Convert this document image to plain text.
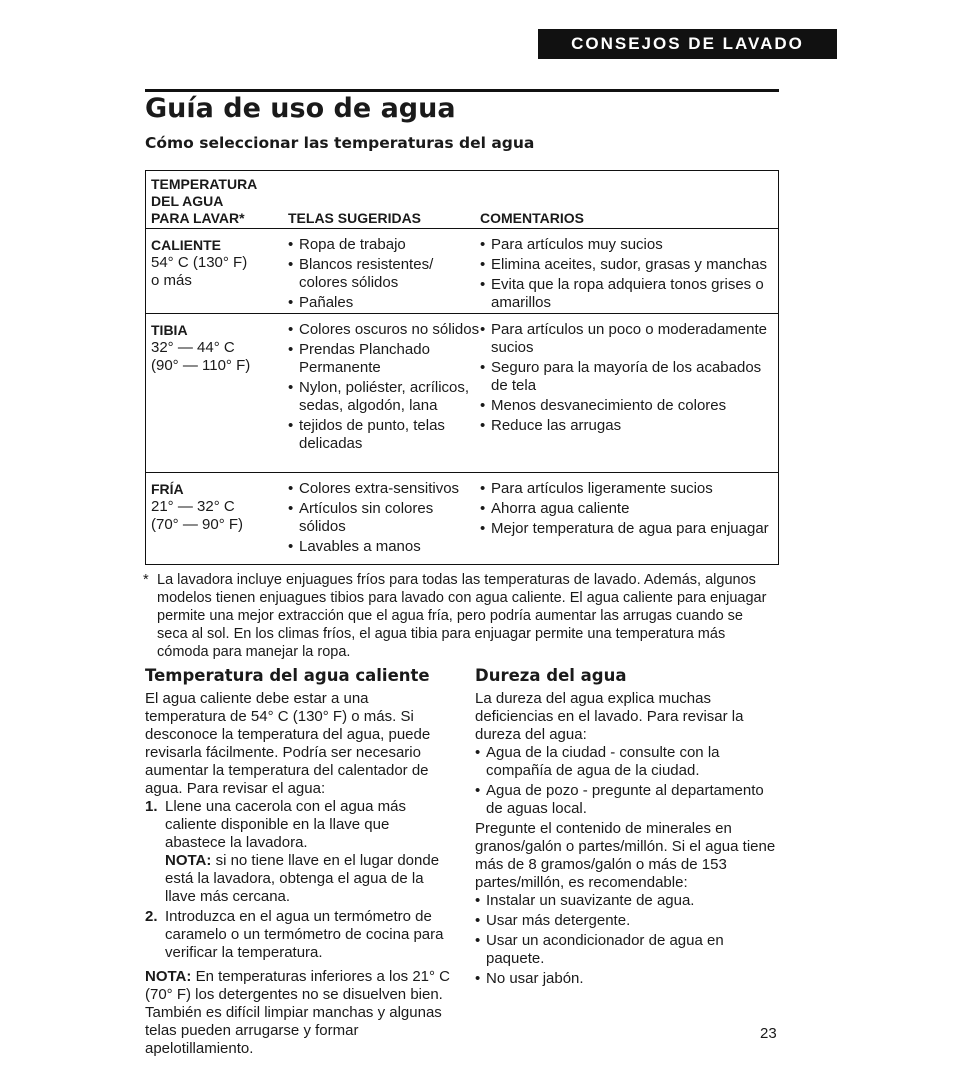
CONSEJOS DE LAVADO
Guía de uso de agua
Cómo seleccionar las temperaturas del agua
TEMPERATURA
DEL AGUA
PARA LAVAR*	TELAS SUGERIDAS	COMENTARIOS
CALIENTE
54° C (130° F)
o más
• Ropa de trabajo
• Blancos resistentes/ colores sólidos
• Pañales
• Para artículos muy sucios
• Elimina aceites, sudor, grasas y manchas
• Evita que la ropa adquiera tonos grises o amarillos
TIBIA
32° — 44° C
(90° — 110° F)
• Colores oscuros no sólidos
• Prendas Planchado Permanente
• Nylon, poliéster, acrílicos, sedas, algodón, lana
• tejidos de punto, telas delicadas
• Para artículos un poco o moderadamente sucios
• Seguro para la mayoría de los acabados de tela
• Menos desvanecimiento de colores
• Reduce las arrugas
FRÍA
21° — 32° C
(70° — 90° F)
• Colores extra-sensitivos
• Artículos sin colores sólidos
• Lavables a manos
• Para artículos ligeramente sucios
• Ahorra agua caliente
• Mejor temperatura de agua para enjuagar
* La lavadora incluye enjuagues fríos para todas las temperaturas de lavado. Además, algunos modelos tienen enjuagues tibios para lavado con agua caliente. El agua caliente para enjuagar permite una mejor extracción que el agua fría, pero podría aumentar las arrugas cuando se seca al sol. En los climas fríos, el agua tibia para enjuagar permite una temperatura más cómoda para manejar la ropa.

Temperatura del agua caliente

El agua caliente debe estar a una temperatura de 54° C (130° F) o más. Si desconoce la temperatura del agua, puede revisarla fácilmente. Podría ser necesario aumentar la temperatura del calentador de agua. Para revisar el agua:

1. Llene una cacerola con el agua más caliente disponible en la llave que abastece la lavadora.
NOTA: si no tiene llave en el lugar donde está la lavadora, obtenga el agua de la llave más cercana.
2. Introduzca en el agua un termómetro de caramelo o un termómetro de cocina para verificar la temperatura.

NOTA: En temperaturas inferiores a los 21° C (70° F) los detergentes no se disuelven bien. También es difícil limpiar manchas y algunas telas pueden arrugarse y formar apelotillamiento.

Dureza del agua

La dureza del agua explica muchas deficiencias en el lavado. Para revisar la dureza del agua:

• Agua de la ciudad - consulte con la compañía de agua de la ciudad.
• Agua de pozo - pregunte al departamento de aguas local.

Pregunte el contenido de minerales en granos/galón o partes/millón. Si el agua tiene más de 8 gramos/galón o más de 153 partes/millón, es recomendable:

• Instalar un suavizante de agua.
• Usar más detergente.
• Usar un acondicionador de agua en paquete.
• No usar jabón.
23
